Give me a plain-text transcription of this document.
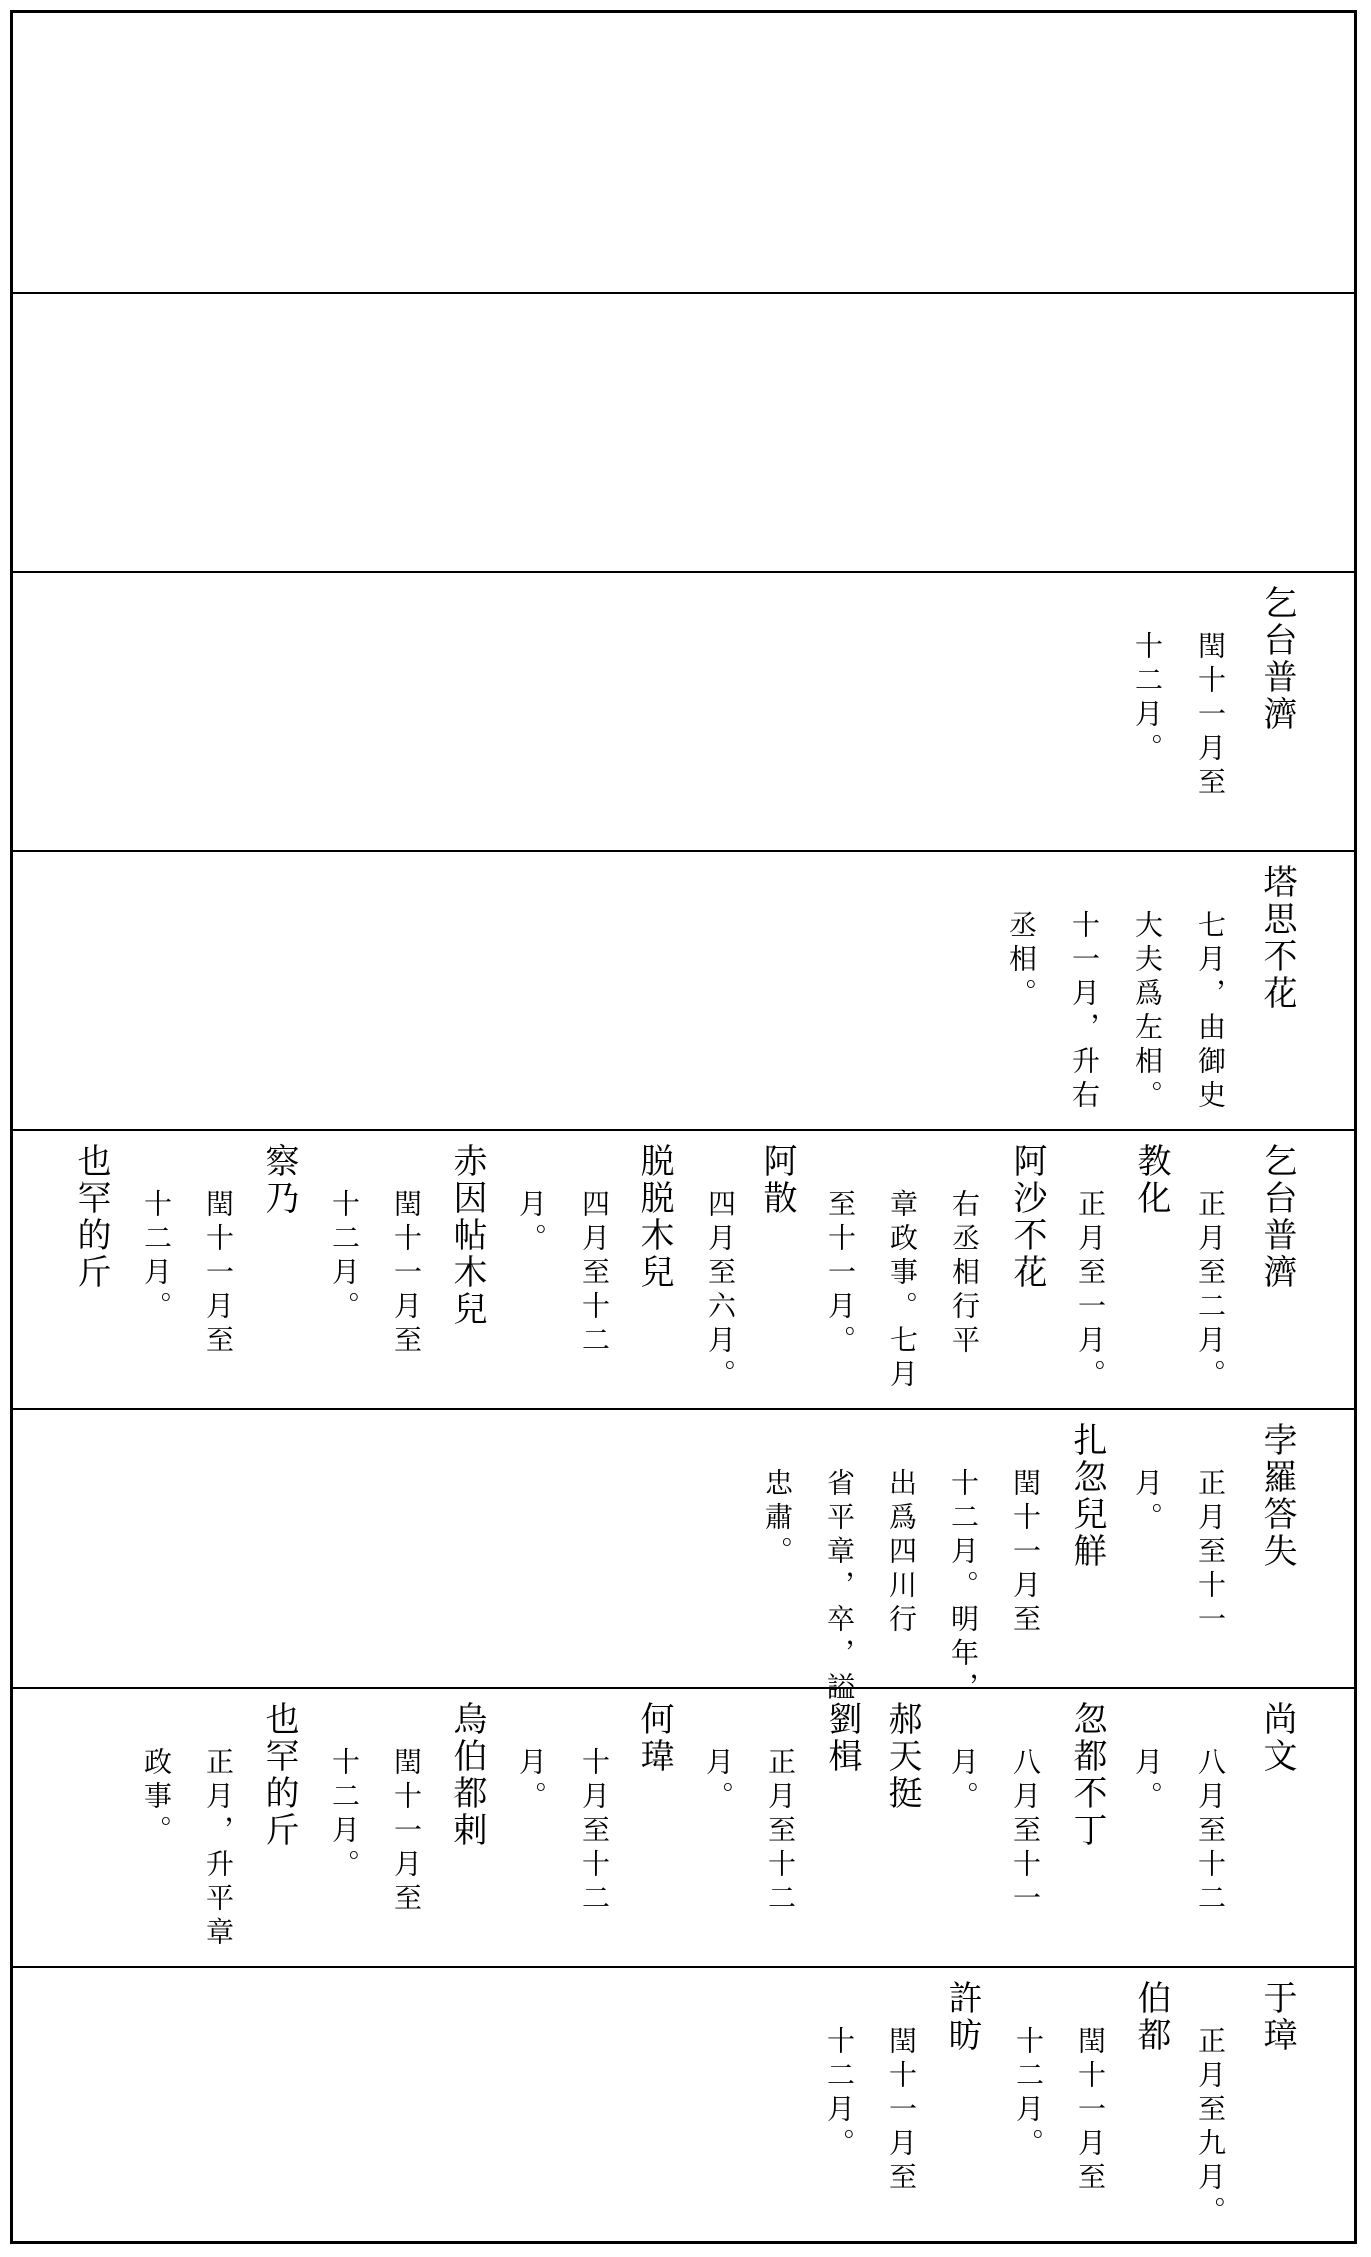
乞台普濟
閏十一月至
十二月。
塔思不花
七月，由御史
大夫爲左相。
十一月，升右
丞相。
乞台普濟
正月至二月。
教化
正月至一月。
阿沙不花
右丞相行平
章政事。七月
至十一月。
阿散
四月至六月。
脱脱木兒
四月至十二
月。
赤因帖木兒
閏十一月至
十二月。
察乃
閏十一月至
十二月。
也罕的斤
孛羅答失
正月至十一
月。
扎忽兒觧
閏十一月至
十二月。明年，
出爲四川行
省平章，卒，謚
忠肅。
尚文
八月至十二
月。
忽都不丁
八月至十一
月。
郝天挺
劉楫
正月至十二
月。
何瑋
十月至十二
月。
烏伯都剌
閏十一月至
十二月。
也罕的斤
正月，升平章
政事。
于璋
正月至九月。
伯都
閏十一月至
十二月。
許昉
閏十一月至
十二月。
